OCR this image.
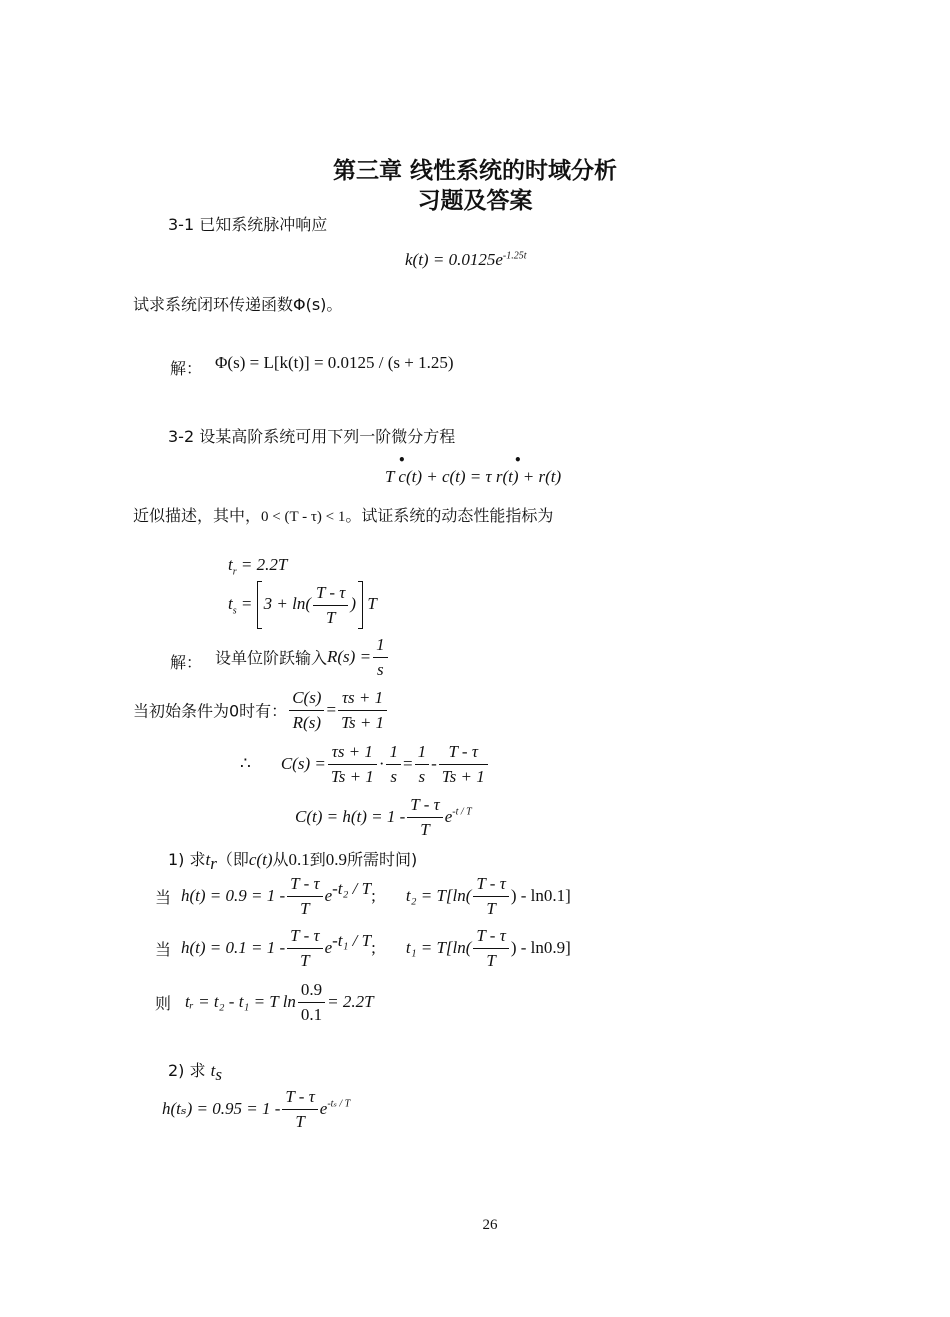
第三章 线性系统的时域分析
习题及答案
3-1 已知系统脉冲响应
$k(t) = 0.0125e^{-1.25t}$
试求系统闭环传递函数Φ(s)。
解： Φ(s) = L[k(t)] = 0.0125 / (s + 1.25)
3-2 设某高阶系统可用下列一阶微分方程
T c(t) + c(t) = τ r(t) + r(t)
•	•
近似描述，其中，0 < (T - τ) < 1。试证系统的动态性能指标为
$t_r = 2.2T$
$t_s = 3 + \ln( \frac{T - \tau}{T}$ ) T
解： 设单位阶跃输入$R(s) = \frac{1}{s}$
当初始条件为0时有： $\frac{C(s)}{R(s)} = \frac{\tau s + 1}{Ts + 1}$
∴ $C(s) = \frac{\tau s + 1}{Ts + 1} \cdot \frac{1}{s} = \frac{1}{s} - \frac{T - \tau}{Ts + 1}$
$C(t) = h(t) = 1 - \frac{T - \tau}{T} e^{-t / T}$
1) 求$t_r$（即c(t)从0.1到0.9所需时间)
当 $h(t) = 0.9 = 1 - \frac{T - \tau}{T} e^{-t_2 / T}$; $t_2 = T[\ln( \frac{T - \tau}{T}$ ) - ln0.1]
当 $h(t) = 0.1 = 1 - \frac{T - \tau}{T} e^{-t_1 / T}$; $t_1 = T[\ln( \frac{T - \tau}{T}$ ) - ln0.9]
则 tᵣ = t₂ - t₁ = T $\ln \frac{0.9}{0.1} = 2.2T$
2) 求 $t_s$
$h(t_s) = 0.95 = 1 - \frac{T - \tau}{T} e^{-t_s / T}$
26
